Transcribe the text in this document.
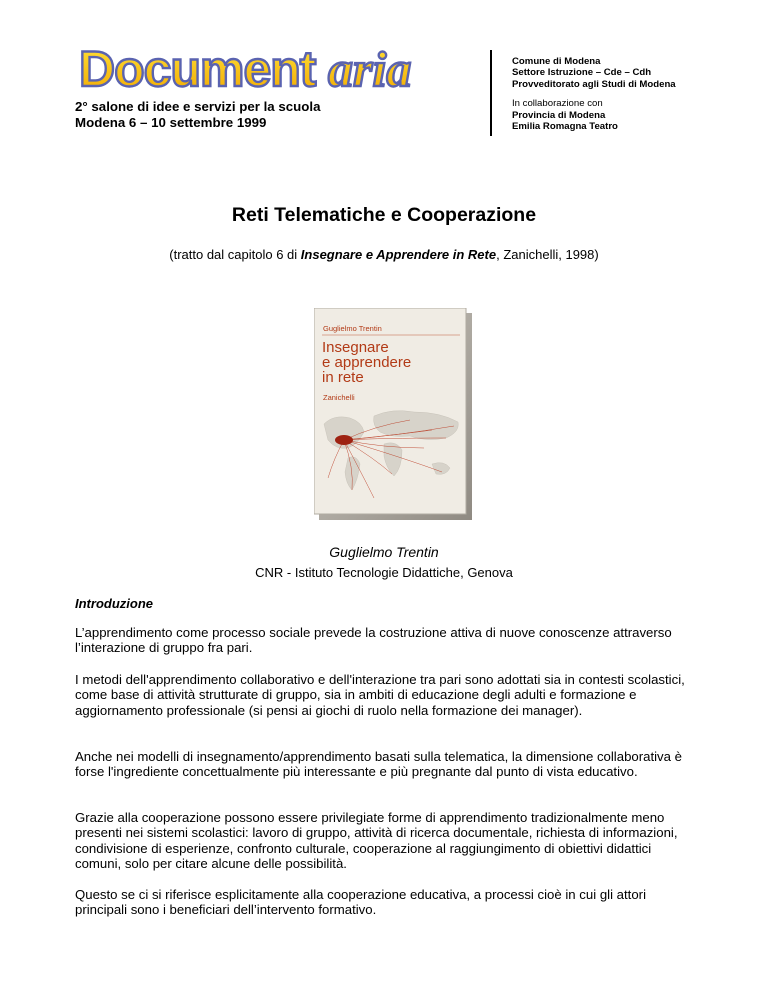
Document aria
2° salone di idee e servizi per la scuola
Modena 6 – 10 settembre 1999
Comune di Modena
Settore Istruzione – Cde – Cdh
Provveditorato agli Studi di Modena
In collaborazione con
Provincia di Modena
Emilia Romagna Teatro
Reti Telematiche e Cooperazione
(tratto dal capitolo 6 di Insegnare e Apprendere in Rete, Zanichelli, 1998)
Guglielmo Trentin
Insegnare
e apprendere
in rete
Zanichelli
Guglielmo Trentin
CNR - Istituto Tecnologie Didattiche, Genova
Introduzione

L’apprendimento come processo sociale prevede la costruzione attiva di nuove conoscenze attraverso l’interazione di gruppo fra pari.

I metodi dell'apprendimento collaborativo e dell'interazione tra pari sono adottati sia in contesti scolastici, come base di attività strutturate di gruppo, sia in ambiti di educazione degli adulti e formazione e aggiornamento professionale (si pensi ai giochi di ruolo nella formazione dei manager).

Anche nei modelli di insegnamento/apprendimento basati sulla telematica, la dimensione collaborativa è forse l'ingrediente concettualmente più interessante e più pregnante dal punto di vista educativo.

Grazie alla cooperazione possono essere privilegiate forme di apprendimento tradizionalmente meno presenti nei sistemi scolastici: lavoro di gruppo, attività di ricerca documentale, richiesta di informazioni, condivisione di esperienze, confronto culturale, cooperazione al raggiungimento di obiettivi didattici comuni, solo per citare alcune delle possibilità.

Questo se ci si riferisce esplicitamente alla cooperazione educativa, a processi cioè in cui gli attori principali sono i beneficiari dell’intervento formativo.
